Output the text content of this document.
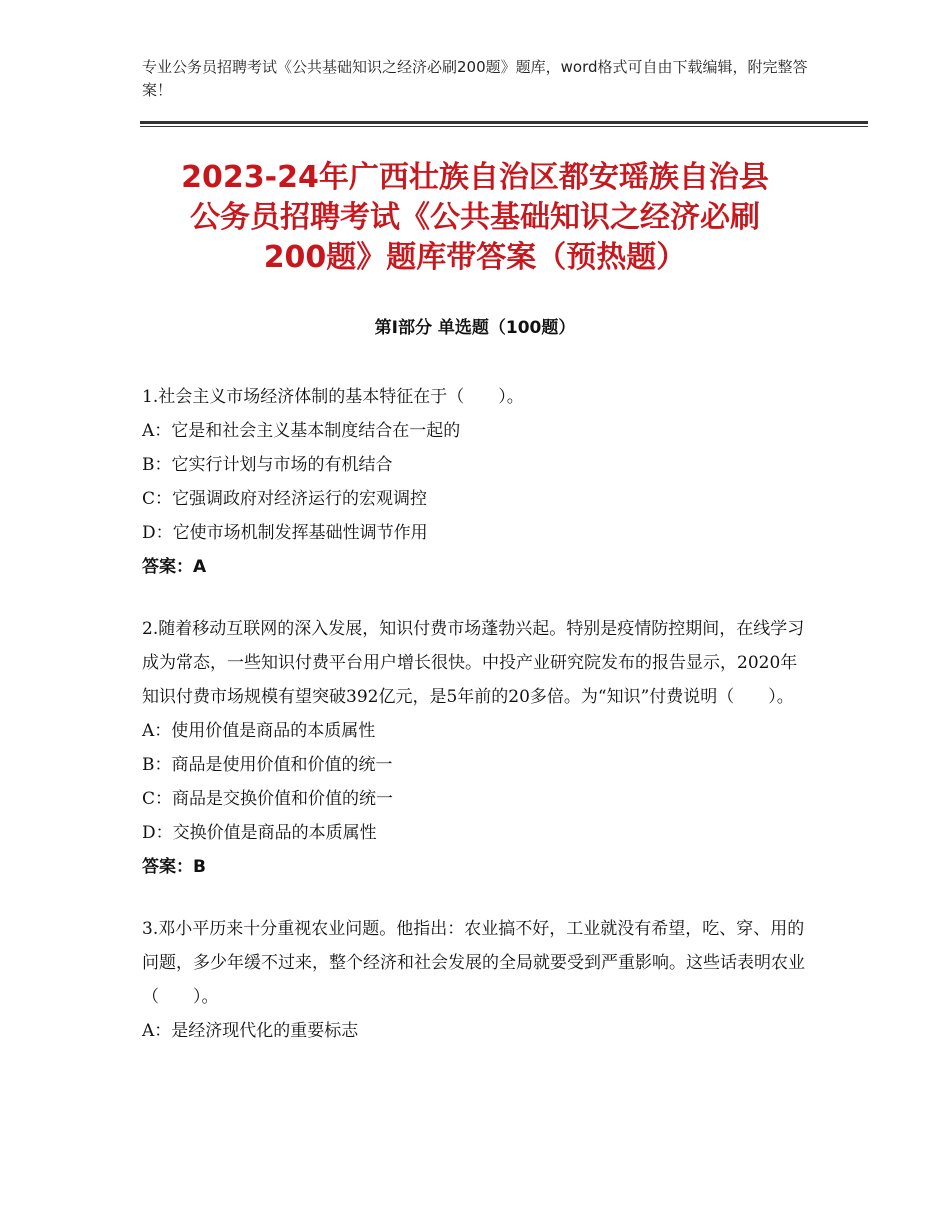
专业公务员招聘考试《公共基础知识之经济必刷200题》题库，word格式可自由下载编辑，附完整答案！
2023-24年广西壮族自治区都安瑶族自治县
公务员招聘考试《公共基础知识之经济必刷
200题》题库带答案（预热题）
第I部分 单选题（100题）

1.社会主义市场经济体制的基本特征在于（　　）。

A：它是和社会主义基本制度结合在一起的

B：它实行计划与市场的有机结合

C：它强调政府对经济运行的宏观调控

D：它使市场机制发挥基础性调节作用

答案：A

2.随着移动互联网的深入发展，知识付费市场蓬勃兴起。特别是疫情防控期间，在线学习成为常态，一些知识付费平台用户增长很快。中投产业研究院发布的报告显示，2020年知识付费市场规模有望突破392亿元，是5年前的20多倍。为“知识”付费说明（　　）。

A：使用价值是商品的本质属性

B：商品是使用价值和价值的统一

C：商品是交换价值和价值的统一

D：交换价值是商品的本质属性

答案：B

3.邓小平历来十分重视农业问题。他指出：农业搞不好，工业就没有希望，吃、穿、用的问题，多少年缓不过来，整个经济和社会发展的全局就要受到严重影响。这些话表明农业（　　）。

A：是经济现代化的重要标志
